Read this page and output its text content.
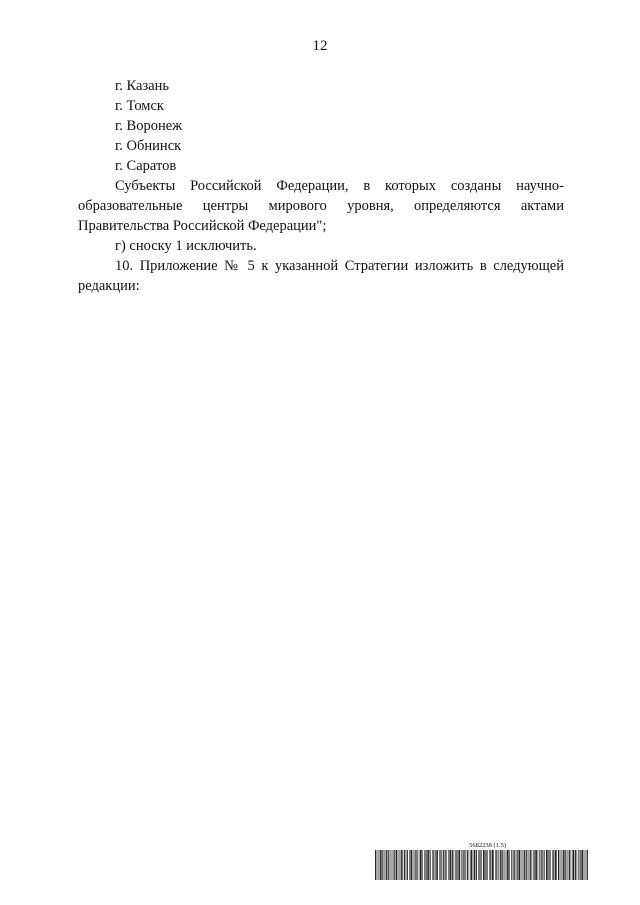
12
г. Казань
г. Томск
г. Воронеж
г. Обнинск
г. Саратов

Субъекты Российской Федерации, в которых созданы научно-образовательные центры мирового уровня, определяются актами Правительства Российской Федерации";

г) сноску 1 исключить.

10. Приложение № 5 к указанной Стратегии изложить в следующей редакции:

5682238 (1.5)
